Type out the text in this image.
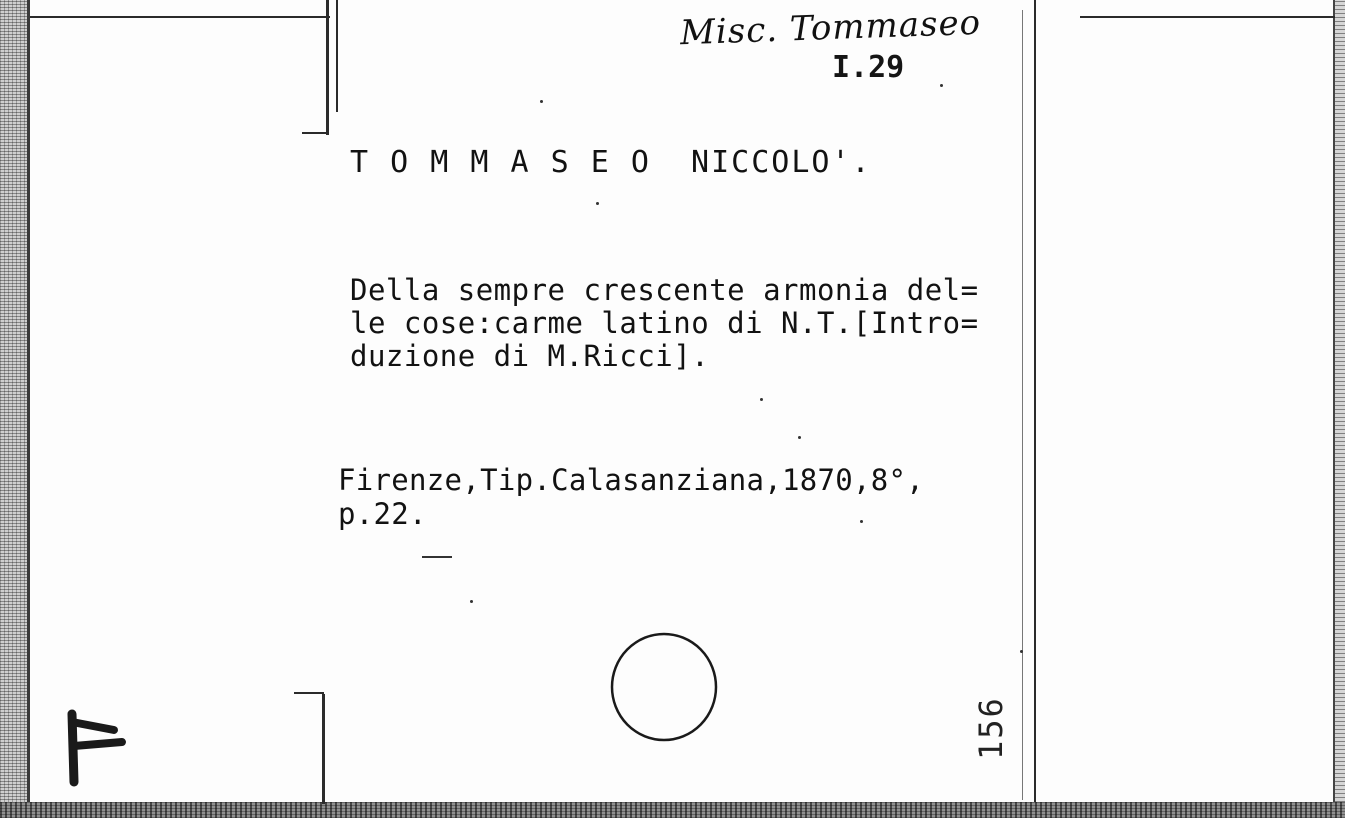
Misc. Tommaseo
I.29
T O M M A S E O  NICCOLO'.
Della sempre crescente armonia del=
le cose:carme latino di N.T.[Intro=
duzione di M.Ricci].
Firenze,Tip.Calasanziana,1870,8°,
p.22.
156
